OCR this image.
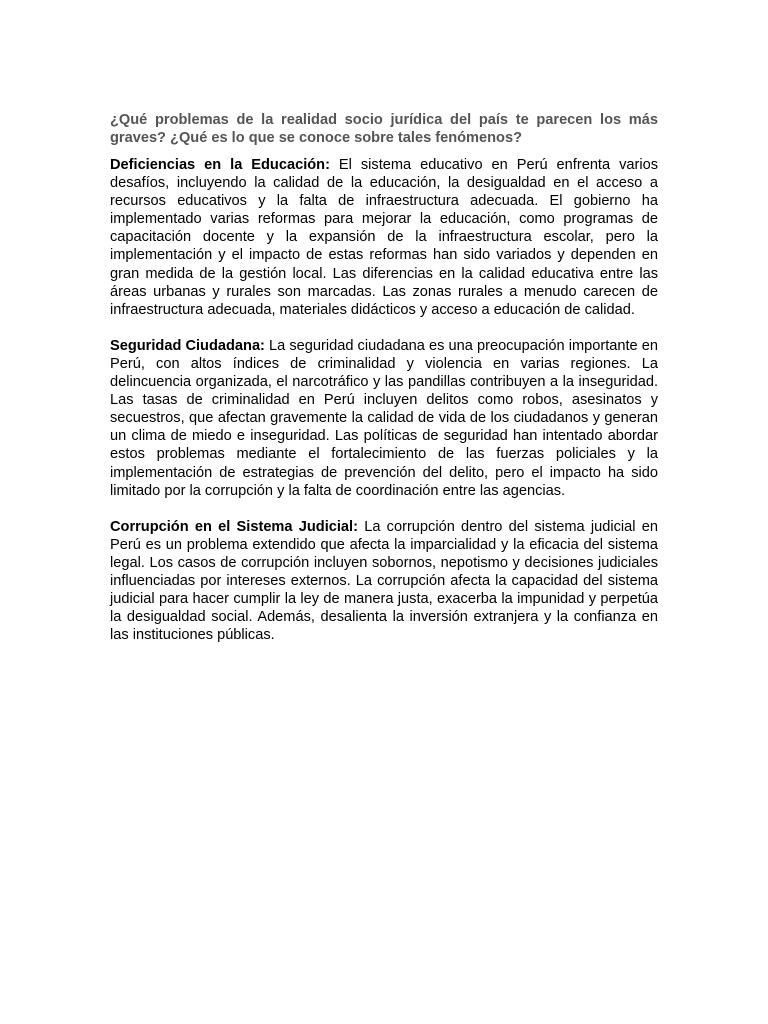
¿Qué problemas de la realidad socio jurídica del país te parecen los más graves? ¿Qué es lo que se conoce sobre tales fenómenos?

Deficiencias en la Educación: El sistema educativo en Perú enfrenta varios desafíos, incluyendo la calidad de la educación, la desigualdad en el acceso a recursos educativos y la falta de infraestructura adecuada. El gobierno ha implementado varias reformas para mejorar la educación, como programas de capacitación docente y la expansión de la infraestructura escolar, pero la implementación y el impacto de estas reformas han sido variados y dependen en gran medida de la gestión local. Las diferencias en la calidad educativa entre las áreas urbanas y rurales son marcadas. Las zonas rurales a menudo carecen de infraestructura adecuada, materiales didácticos y acceso a educación de calidad.

Seguridad Ciudadana: La seguridad ciudadana es una preocupación importante en Perú, con altos índices de criminalidad y violencia en varias regiones. La delincuencia organizada, el narcotráfico y las pandillas contribuyen a la inseguridad. Las tasas de criminalidad en Perú incluyen delitos como robos, asesinatos y secuestros, que afectan gravemente la calidad de vida de los ciudadanos y generan un clima de miedo e inseguridad. Las políticas de seguridad han intentado abordar estos problemas mediante el fortalecimiento de las fuerzas policiales y la implementación de estrategias de prevención del delito, pero el impacto ha sido limitado por la corrupción y la falta de coordinación entre las agencias.

Corrupción en el Sistema Judicial: La corrupción dentro del sistema judicial en Perú es un problema extendido que afecta la imparcialidad y la eficacia del sistema legal. Los casos de corrupción incluyen sobornos, nepotismo y decisiones judiciales influenciadas por intereses externos. La corrupción afecta la capacidad del sistema judicial para hacer cumplir la ley de manera justa, exacerba la impunidad y perpetúa la desigualdad social. Además, desalienta la inversión extranjera y la confianza en las instituciones públicas.
